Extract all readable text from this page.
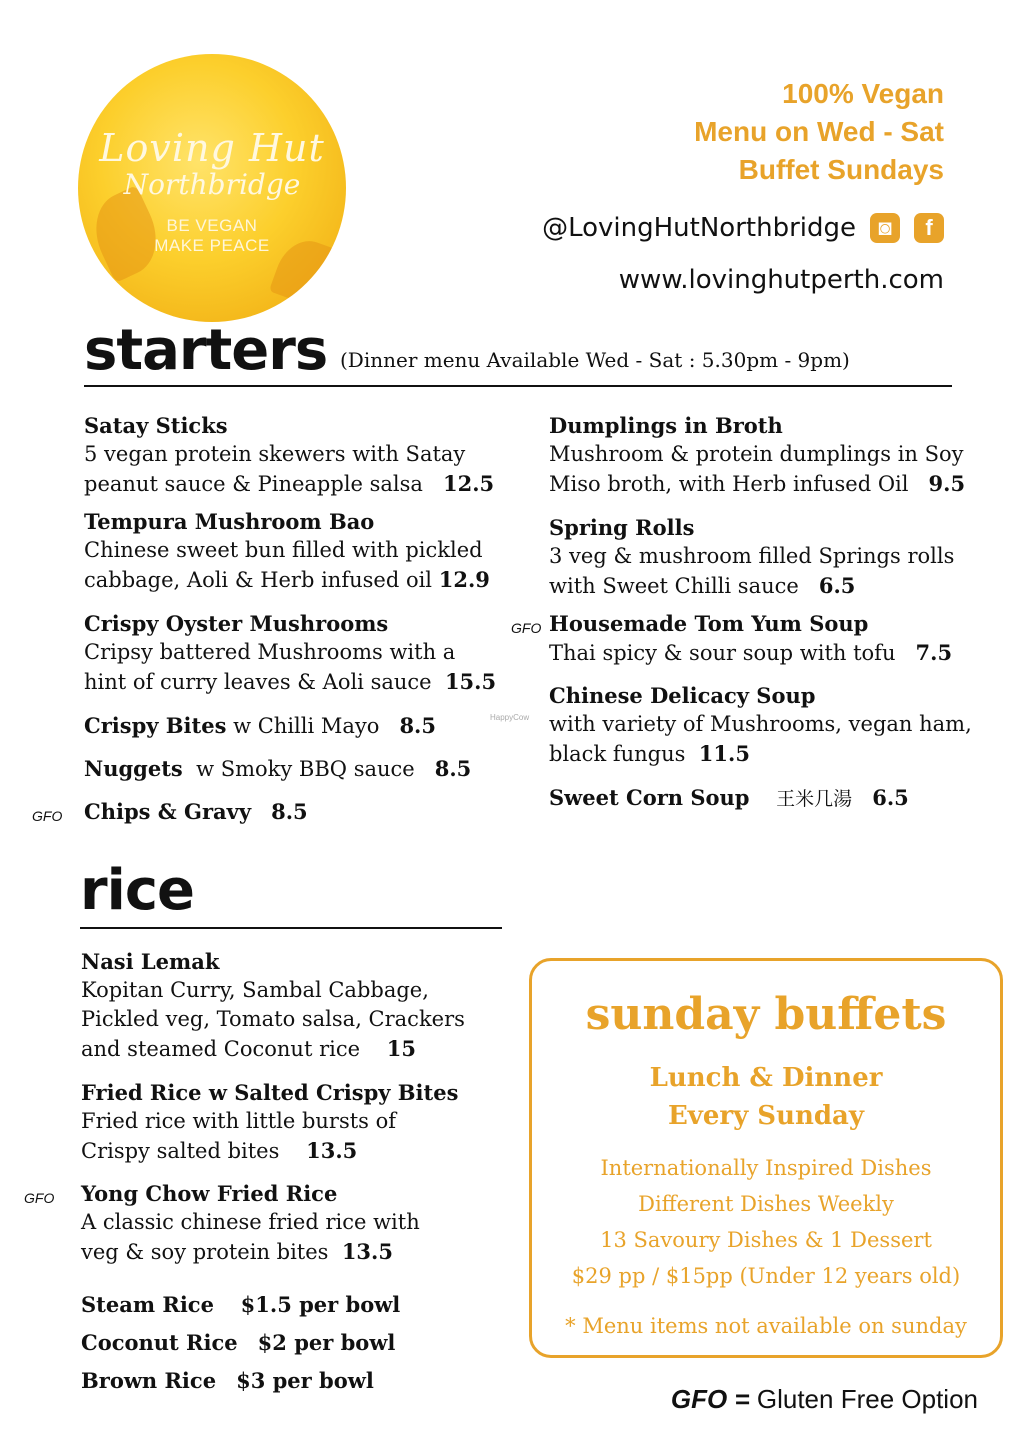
Loving Hut
Northbridge
BE VEGAN
MAKE PEACE
100% Vegan
Menu on Wed - Sat
Buffet Sundays
@LovingHutNorthbridge	◙	f
www.lovinghutperth.com
starters (Dinner menu Available Wed - Sat : 5.30pm - 9pm)
Satay Sticks
5 vegan protein skewers with Satay
peanut sauce & Pineapple salsa 12.5
Tempura Mushroom Bao
Chinese sweet bun filled with pickled
cabbage, Aoli & Herb infused oil 12.9
Crispy Oyster Mushrooms
Cripsy battered Mushrooms with a
hint of curry leaves & Aoli sauce 15.5
Crispy Bites w Chilli Mayo 8.5
Nuggets w Smoky BBQ sauce 8.5
GFO Chips & Gravy 8.5
HappyCow
Dumplings in Broth
Mushroom & protein dumplings in Soy
Miso broth, with Herb infused Oil 9.5
Spring Rolls
3 veg & mushroom filled Springs rolls
with Sweet Chilli sauce 6.5
GFO Housemade Tom Yum Soup
Thai spicy & sour soup with tofu 7.5
Chinese Delicacy Soup
with variety of Mushrooms, vegan ham,
black fungus 11.5
Sweet Corn Soup 王米几湯 6.5
rice
Nasi Lemak
Kopitan Curry, Sambal Cabbage,
Pickled veg, Tomato salsa, Crackers
and steamed Coconut rice 15
Fried Rice w Salted Crispy Bites
Fried rice with little bursts of
Crispy salted bites 13.5
GFO Yong Chow Fried Rice
A classic chinese fried rice with
veg & soy protein bites 13.5
Steam Rice $1.5 per bowl
Coconut Rice $2 per bowl
Brown Rice $3 per bowl
sunday buffets
Lunch & Dinner
Every Sunday
Internationally Inspired Dishes
Different Dishes Weekly
13 Savoury Dishes & 1 Dessert
$29 pp / $15pp (Under 12 years old)
* Menu items not available on sunday
GFO = Gluten Free Option
